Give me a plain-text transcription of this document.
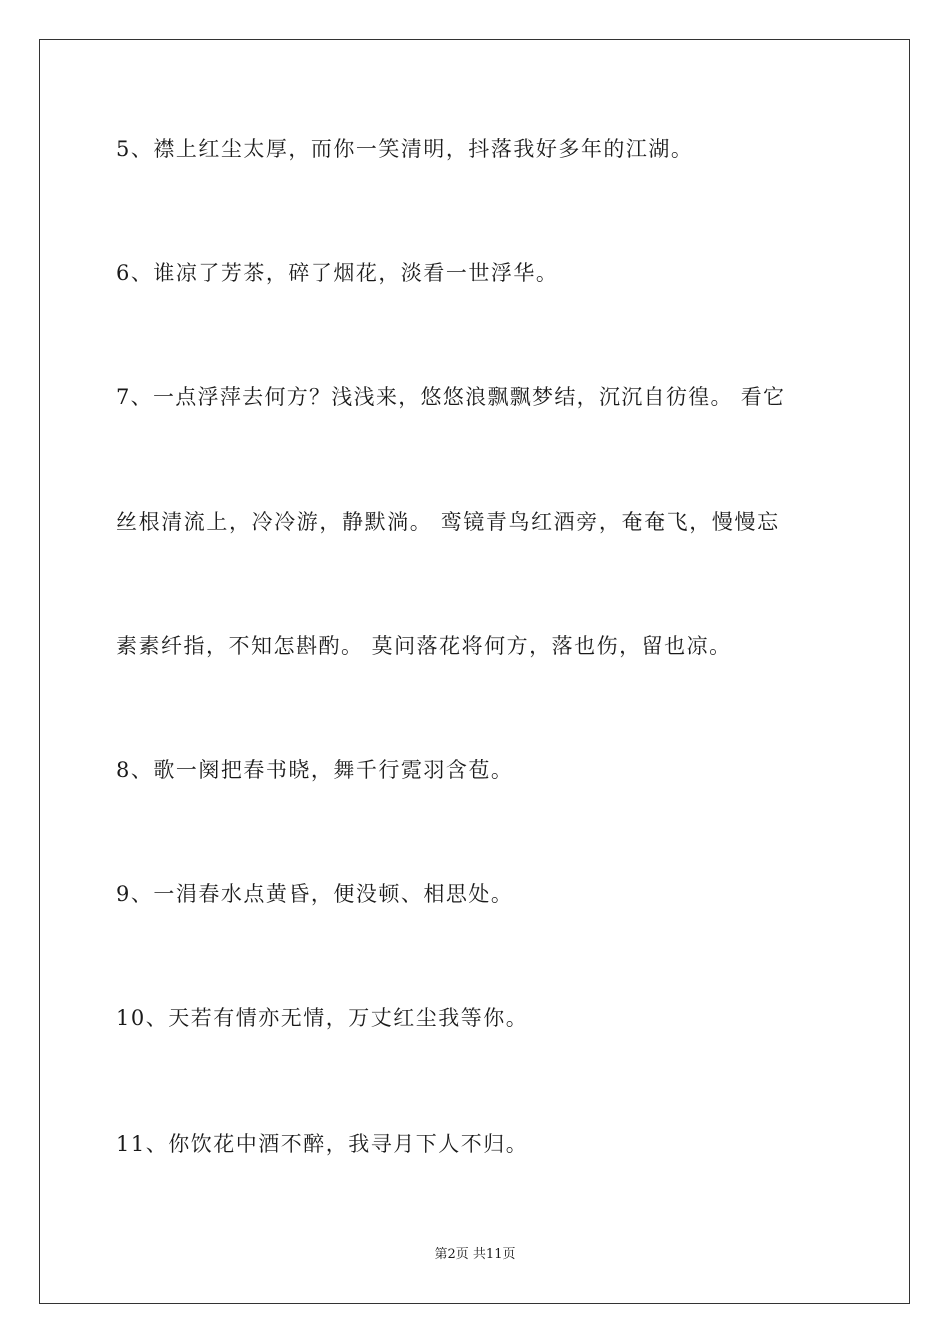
5、襟上红尘太厚，而你一笑清明，抖落我好多年的江湖。
6、谁凉了芳茶，碎了烟花，淡看一世浮华。
7、一点浮萍去何方？浅浅来，悠悠浪飘飘梦结，沉沉自彷徨。 看它
丝根清流上，冷冷游，静默淌。 鸾镜青鸟红酒旁，奄奄飞，慢慢忘
素素纤指，不知怎斟酌。 莫问落花将何方，落也伤，留也凉。
8、歌一阕把春书晓，舞千行霓羽含苞。
9、一涓春水点黄昏，便没顿、相思处。
10、天若有情亦无情，万丈红尘我等你。
11、你饮花中酒不醉，我寻月下人不归。
第2页 共11页
